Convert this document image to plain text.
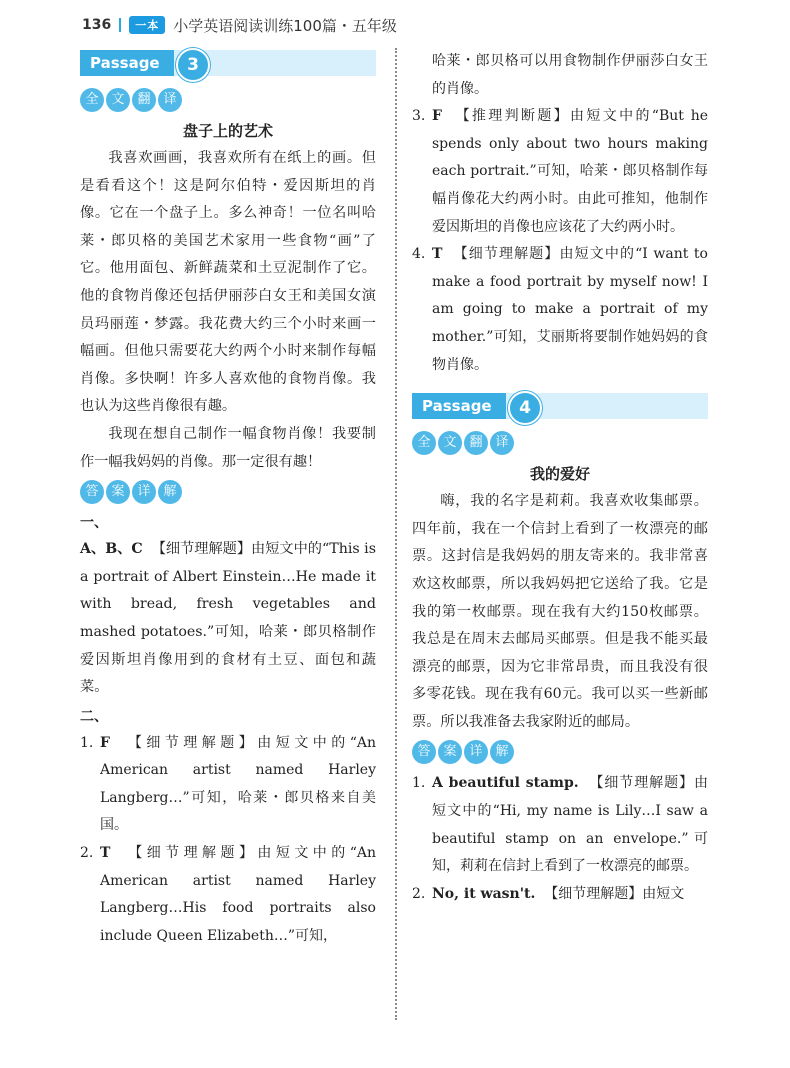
136	一本 小学英语阅读训练100篇・五年级
Passage	3
全 文 翻 译
盘子上的艺术

我喜欢画画，我喜欢所有在纸上的画。但是看看这个！这是阿尔伯特・爱因斯坦的肖像。它在一个盘子上。多么神奇！一位名叫哈莱・郎贝格的美国艺术家用一些食物“画”了它。他用面包、新鲜蔬菜和土豆泥制作了它。他的食物肖像还包括伊丽莎白女王和美国女演员玛丽莲・梦露。我花费大约三个小时来画一幅画。但他只需要花大约两个小时来制作每幅肖像。多快啊！许多人喜欢他的食物肖像。我也认为这些肖像很有趣。

我现在想自己制作一幅食物肖像！我要制作一幅我妈妈的肖像。那一定很有趣！

答 案 详 解
一、

A、B、C 【细节理解题】由短文中的“This is a portrait of Albert Einstein…He made it with bread, fresh vegetables and mashed potatoes.”可知，哈莱・郎贝格制作爱因斯坦肖像用到的食材有土豆、面包和蔬菜。

二、
1. F 【细节理解题】由短文中的“An American artist named Harley Langberg…”可知，哈莱・郎贝格来自美国。
2. T 【细节理解题】由短文中的“An American artist named Harley Langberg…His food portraits also include Queen Elizabeth…”可知，
哈莱・郎贝格可以用食物制作伊丽莎白女王的肖像。
3. F 【推理判断题】由短文中的“But he spends only about two hours making each portrait.”可知，哈莱・郎贝格制作每幅肖像花大约两小时。由此可推知，他制作爱因斯坦的肖像也应该花了大约两小时。
4. T 【细节理解题】由短文中的“I want to make a food portrait by myself now! I am going to make a portrait of my mother.”可知，艾丽斯将要制作她妈妈的食物肖像。
Passage	4
全 文 翻 译
我的爱好

嗨，我的名字是莉莉。我喜欢收集邮票。四年前，我在一个信封上看到了一枚漂亮的邮票。这封信是我妈妈的朋友寄来的。我非常喜欢这枚邮票，所以我妈妈把它送给了我。它是我的第一枚邮票。现在我有大约150枚邮票。我总是在周末去邮局买邮票。但是我不能买最漂亮的邮票，因为它非常昂贵，而且我没有很多零花钱。现在我有60元。我可以买一些新邮票。所以我准备去我家附近的邮局。

答 案 详 解
1. A beautiful stamp. 【细节理解题】由短文中的“Hi, my name is Lily…I saw a beautiful stamp on an envelope.”可知，莉莉在信封上看到了一枚漂亮的邮票。
2. No, it wasn't. 【细节理解题】由短文
